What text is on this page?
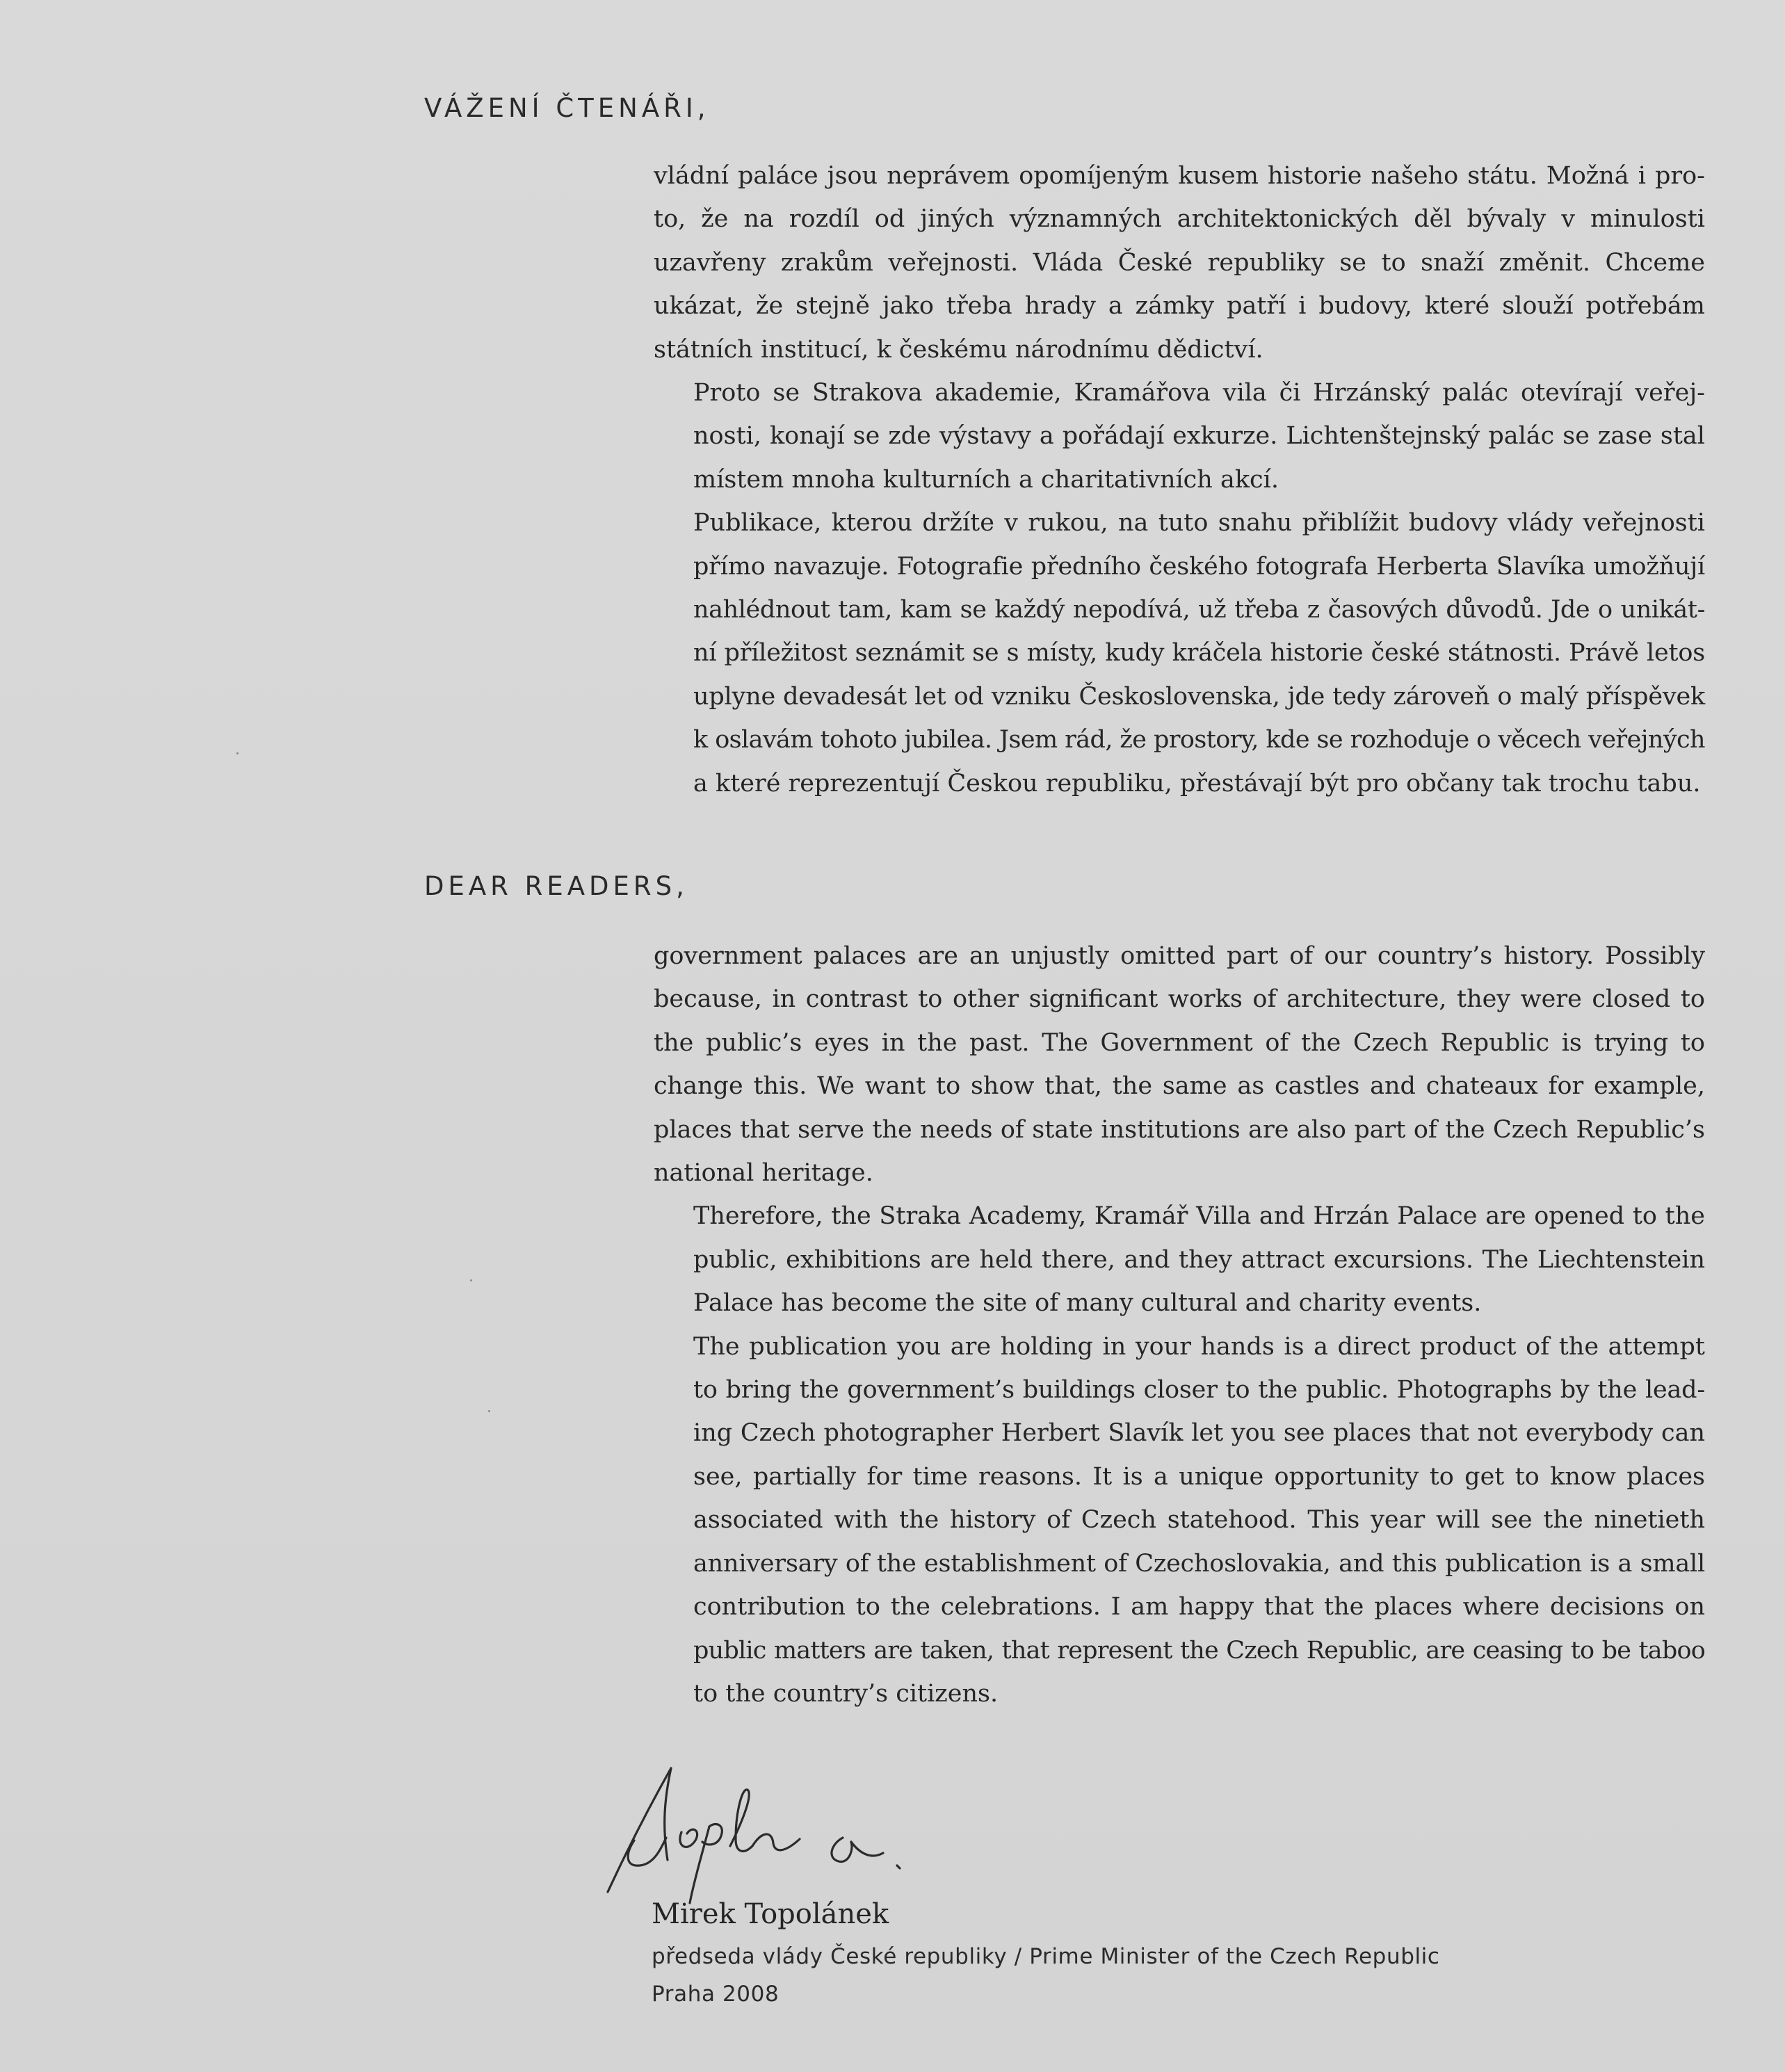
VÁŽENÍ ČTENÁŘI,

vládní paláce jsou neprávem opomíjeným kusem historie našeho státu. Možná i pro-
to, že na rozdíl od jiných významných architektonických děl bývaly v minulosti
uzavřeny zrakům veřejnosti. Vláda České republiky se to snaží změnit. Chceme
ukázat, že stejně jako třeba hrady a zámky patří i budovy, které slouží potřebám
státních institucí, k českému národnímu dědictví.

Proto se Strakova akademie, Kramářova vila či Hrzánský palác otevírají veřej-
nosti, konají se zde výstavy a pořádají exkurze. Lichtenštejnský palác se zase stal
místem mnoha kulturních a charitativních akcí.

Publikace, kterou držíte v rukou, na tuto snahu přiblížit budovy vlády veřejnosti
přímo navazuje. Fotografie předního českého fotografa Herberta Slavíka umožňují
nahlédnout tam, kam se každý nepodívá, už třeba z časových důvodů. Jde o unikát-
ní příležitost seznámit se s místy, kudy kráčela historie české státnosti. Právě letos
uplyne devadesát let od vzniku Československa, jde tedy zároveň o malý příspěvek
k oslavám tohoto jubilea. Jsem rád, že prostory, kde se rozhoduje o věcech veřejných
a které reprezentují Českou republiku, přestávají být pro občany tak trochu tabu.

DEAR READERS,

government palaces are an unjustly omitted part of our country’s history. Possibly
because, in contrast to other significant works of architecture, they were closed to
the public’s eyes in the past. The Government of the Czech Republic is trying to
change this. We want to show that, the same as castles and chateaux for example,
places that serve the needs of state institutions are also part of the Czech Republic’s
national heritage.

Therefore, the Straka Academy, Kramář Villa and Hrzán Palace are opened to the
public, exhibitions are held there, and they attract excursions. The Liechtenstein
Palace has become the site of many cultural and charity events.

The publication you are holding in your hands is a direct product of the attempt
to bring the government’s buildings closer to the public. Photographs by the lead-
ing Czech photographer Herbert Slavík let you see places that not everybody can
see, partially for time reasons. It is a unique opportunity to get to know places
associated with the history of Czech statehood. This year will see the ninetieth
anniversary of the establishment of Czechoslovakia, and this publication is a small
contribution to the celebrations. I am happy that the places where decisions on
public matters are taken, that represent the Czech Republic, are ceasing to be taboo
to the country’s citizens.

Mirek Topolánek
předseda vlády České republiky / Prime Minister of the Czech Republic
Praha 2008
